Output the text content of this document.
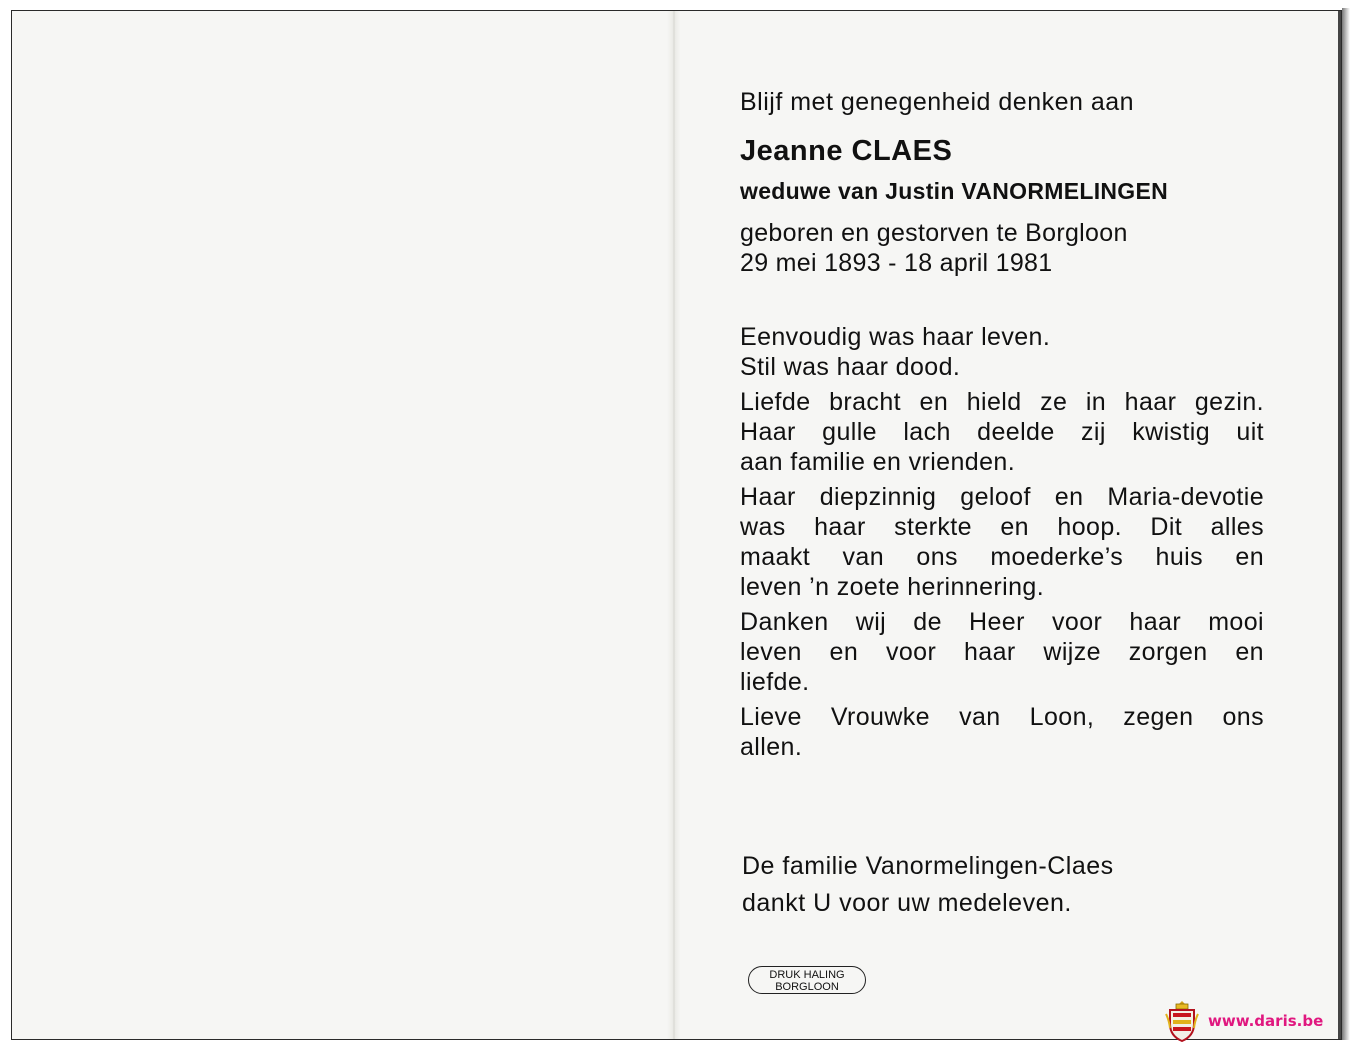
Blijf met genegenheid denken aan

Jeanne CLAES

weduwe van Justin VANORMELINGEN

geboren en gestorven te Borgloon

29 mei 1893 - 18 april 1981

Eenvoudig was haar leven.
Stil was haar dood.

Liefde bracht en hield ze in haar gezin.
Haar gulle lach deelde zij kwistig uit
aan familie en vrienden.

Haar diepzinnig geloof en Maria-devotie
was haar sterkte en hoop. Dit alles
maakt van ons moederke’s huis en
leven ’n zoete herinnering.

Danken wij de Heer voor haar mooi
leven en voor haar wijze zorgen en
liefde.

Lieve Vrouwke van Loon, zegen ons
allen.

De familie Vanormelingen-Claes
dankt U voor uw medeleven.
DRUK HALING
BORGLOON
www.daris.be
